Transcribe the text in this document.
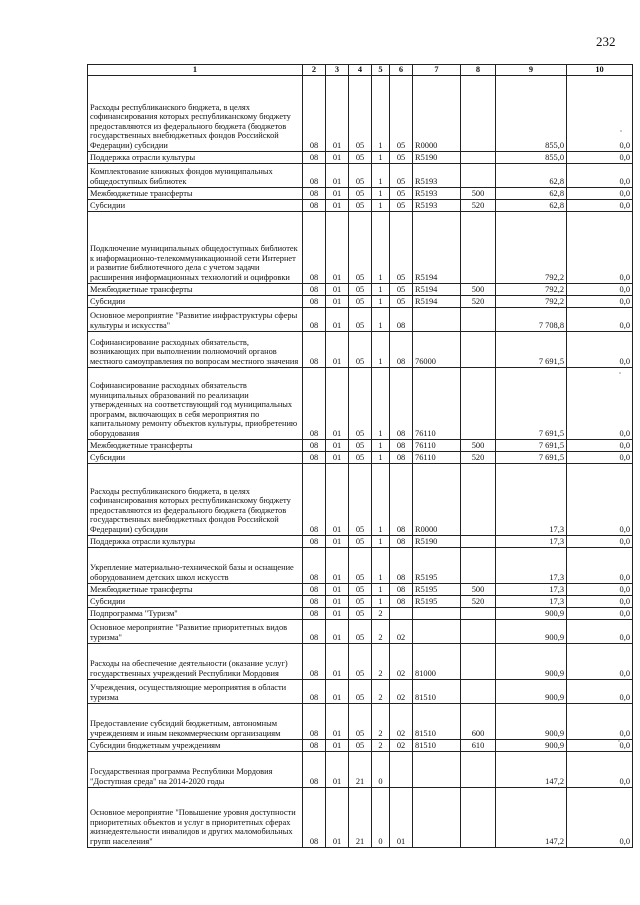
232
1	2	3	4	5	6	7	8	9	10
Расходы республиканского бюджета, в целях софинансирования которых республиканскому бюджету предоставляются из федерального бюджета (бюджетов государственных внебюджетных фондов Российской Федерации) субсидии	08	01	05	1	05	R0000		855,0	0,0
Поддержка отрасли культуры	08	01	05	1	05	R5190		855,0	0,0
Комплектование книжных фондов муниципальных общедоступных библиотек	08	01	05	1	05	R5193		62,8	0,0
Межбюджетные трансферты	08	01	05	1	05	R5193	500	62,8	0,0
Субсидии	08	01	05	1	05	R5193	520	62,8	0,0
Подключение муниципальных общедоступных библиотек к информационно-телекоммуникационной сети Интернет и развитие библиотечного дела с учетом задачи расширения информационных технологий и оцифровки	08	01	05	1	05	R5194		792,2	0,0
Межбюджетные трансферты	08	01	05	1	05	R5194	500	792,2	0,0
Субсидии	08	01	05	1	05	R5194	520	792,2	0,0
Основное мероприятие "Развитие инфраструктуры сферы культуры и искусства"	08	01	05	1	08			7 708,8	0,0
Софинансирование расходных обязательств, возникающих при выполнении полномочий органов местного самоуправления по вопросам местного значения	08	01	05	1	08	76000		7 691,5	0,0
Софинансирование расходных обязательств муниципальных образований по реализации утвержденных на соответствующий год муниципальных программ, включающих в себя мероприятия по капитальному ремонту объектов культуры, приобретению оборудования	08	01	05	1	08	76110		7 691,5	0,0
Межбюджетные трансферты	08	01	05	1	08	76110	500	7 691,5	0,0
Субсидии	08	01	05	1	08	76110	520	7 691,5	0,0
Расходы республиканского бюджета, в целях софинансирования которых республиканскому бюджету предоставляются из федерального бюджета (бюджетов государственных внебюджетных фондов Российской Федерации) субсидии	08	01	05	1	08	R0000		17,3	0,0
Поддержка отрасли культуры	08	01	05	1	08	R5190		17,3	0,0
Укрепление материально-технической базы и оснащение оборудованием детских школ искусств	08	01	05	1	08	R5195		17,3	0,0
Межбюджетные трансферты	08	01	05	1	08	R5195	500	17,3	0,0
Субсидии	08	01	05	1	08	R5195	520	17,3	0,0
Подпрограмма "Туризм"	08	01	05	2				900,9	0,0
Основное мероприятие "Развитие приоритетных видов туризма"	08	01	05	2	02			900,9	0,0
Расходы на обеспечение деятельности (оказание услуг) государственных учреждений Республики Мордовия	08	01	05	2	02	81000		900,9	0,0
Учреждения, осуществляющие мероприятия в области туризма	08	01	05	2	02	81510		900,9	0,0
Предоставление субсидий бюджетным, автономным учреждениям и иным некоммерческим организациям	08	01	05	2	02	81510	600	900,9	0,0
Субсидии бюджетным учреждениям	08	01	05	2	02	81510	610	900,9	0,0
Государственная программа Республики Мордовия "Доступная среда" на 2014-2020 годы	08	01	21	0				147,2	0,0
Основное мероприятие "Повышение уровня доступности приоритетных объектов и услуг в приоритетных сферах жизнедеятельности инвалидов и других маломобильных групп населения"	08	01	21	0	01			147,2	0,0
